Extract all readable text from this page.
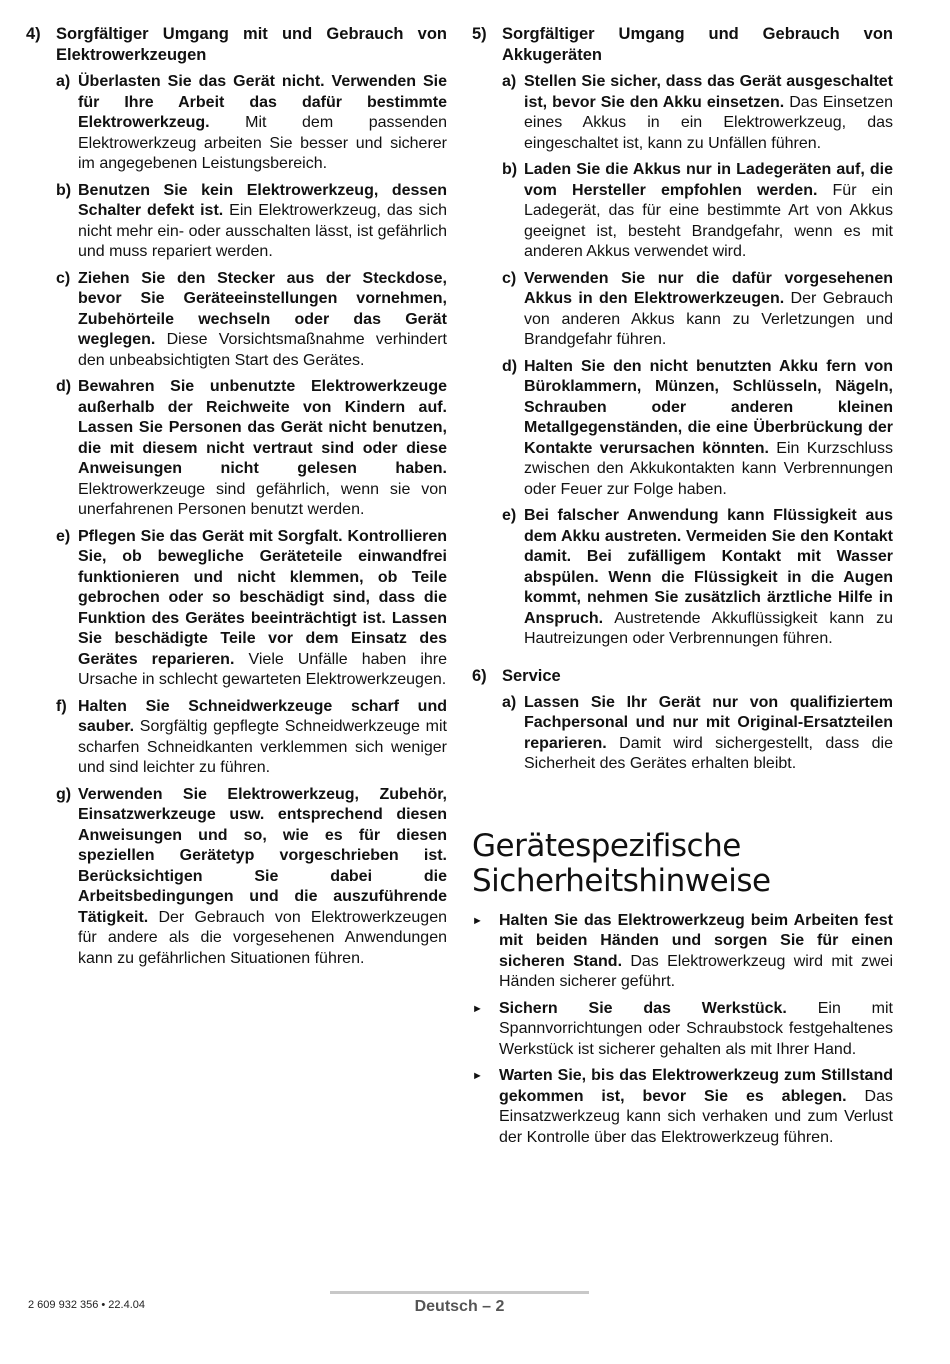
4) Sorgfältiger Umgang mit und Gebrauch von Elektrowerkzeugen
a) Überlasten Sie das Gerät nicht. Verwenden Sie für Ihre Arbeit das dafür bestimmte Elektrowerkzeug. Mit dem passenden Elektrowerkzeug arbeiten Sie besser und sicherer im angegebenen Leistungsbereich.
b) Benutzen Sie kein Elektrowerkzeug, dessen Schalter defekt ist. Ein Elektrowerkzeug, das sich nicht mehr ein- oder ausschalten lässt, ist gefährlich und muss repariert werden.
c) Ziehen Sie den Stecker aus der Steckdose, bevor Sie Geräteeinstellungen vornehmen, Zubehörteile wechseln oder das Gerät weglegen. Diese Vorsichtsmaßnahme verhindert den unbeabsichtigten Start des Gerätes.
d) Bewahren Sie unbenutzte Elektrowerkzeuge außerhalb der Reichweite von Kindern auf. Lassen Sie Personen das Gerät nicht benutzen, die mit diesem nicht vertraut sind oder diese Anweisungen nicht gelesen haben. Elektrowerkzeuge sind gefährlich, wenn sie von unerfahrenen Personen benutzt werden.
e) Pflegen Sie das Gerät mit Sorgfalt. Kontrollieren Sie, ob bewegliche Geräteteile einwandfrei funktionieren und nicht klemmen, ob Teile gebrochen oder so beschädigt sind, dass die Funktion des Gerätes beeinträchtigt ist. Lassen Sie beschädigte Teile vor dem Einsatz des Gerätes reparieren. Viele Unfälle haben ihre Ursache in schlecht gewarteten Elektrowerkzeugen.
f) Halten Sie Schneidwerkzeuge scharf und sauber. Sorgfältig gepflegte Schneidwerkzeuge mit scharfen Schneidkanten verklemmen sich weniger und sind leichter zu führen.
g) Verwenden Sie Elektrowerkzeug, Zubehör, Einsatzwerkzeuge usw. entsprechend diesen Anweisungen und so, wie es für diesen speziellen Gerätetyp vorgeschrieben ist. Berücksichtigen Sie dabei die Arbeitsbedingungen und die auszuführende Tätigkeit. Der Gebrauch von Elektrowerkzeugen für andere als die vorgesehenen Anwendungen kann zu gefährlichen Situationen führen.
5) Sorgfältiger Umgang und Gebrauch von Akkugeräten
a) Stellen Sie sicher, dass das Gerät ausgeschaltet ist, bevor Sie den Akku einsetzen. Das Einsetzen eines Akkus in ein Elektrowerkzeug, das eingeschaltet ist, kann zu Unfällen führen.
b) Laden Sie die Akkus nur in Ladegeräten auf, die vom Hersteller empfohlen werden. Für ein Ladegerät, das für eine bestimmte Art von Akkus geeignet ist, besteht Brandgefahr, wenn es mit anderen Akkus verwendet wird.
c) Verwenden Sie nur die dafür vorgesehenen Akkus in den Elektrowerkzeugen. Der Gebrauch von anderen Akkus kann zu Verletzungen und Brandgefahr führen.
d) Halten Sie den nicht benutzten Akku fern von Büroklammern, Münzen, Schlüsseln, Nägeln, Schrauben oder anderen kleinen Metallgegenständen, die eine Überbrückung der Kontakte verursachen könnten. Ein Kurzschluss zwischen den Akkukontakten kann Verbrennungen oder Feuer zur Folge haben.
e) Bei falscher Anwendung kann Flüssigkeit aus dem Akku austreten. Vermeiden Sie den Kontakt damit. Bei zufälligem Kontakt mit Wasser abspülen. Wenn die Flüssigkeit in die Augen kommt, nehmen Sie zusätzlich ärztliche Hilfe in Anspruch. Austretende Akkuflüssigkeit kann zu Hautreizungen oder Verbrennungen führen.
6) Service
a) Lassen Sie Ihr Gerät nur von qualifiziertem Fachpersonal und nur mit Original-Ersatzteilen reparieren. Damit wird sichergestellt, dass die Sicherheit des Gerätes erhalten bleibt.
Gerätespezifische
Sicherheitshinweise
►	Halten Sie das Elektrowerkzeug beim Arbeiten fest mit beiden Händen und sorgen Sie für einen sicheren Stand. Das Elektrowerkzeug wird mit zwei Händen sicherer geführt.
►	Sichern Sie das Werkstück. Ein mit Spannvorrichtungen oder Schraubstock festgehaltenes Werkstück ist sicherer gehalten als mit Ihrer Hand.
►	Warten Sie, bis das Elektrowerkzeug zum Stillstand gekommen ist, bevor Sie es ablegen. Das Einsatzwerkzeug kann sich verhaken und zum Verlust der Kontrolle über das Elektrowerkzeug führen.
2 609 932 356 • 22.4.04	Deutsch – 2
